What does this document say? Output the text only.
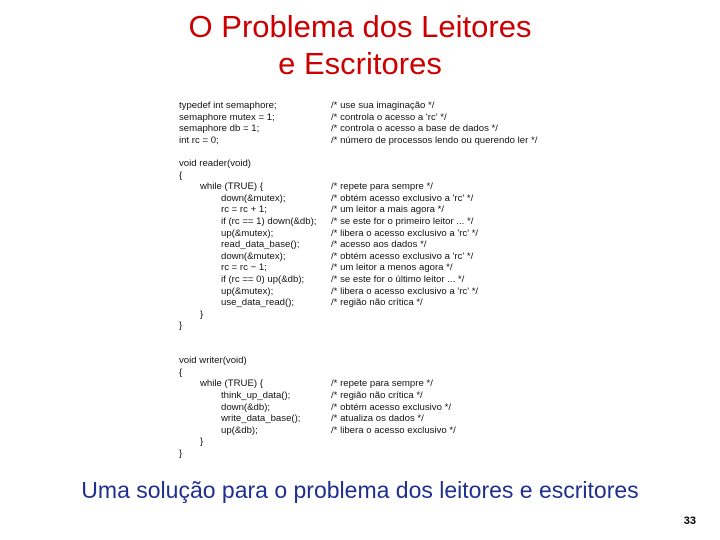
O Problema dos Leitores
e Escritores
typedef int semaphore;	/* use sua imaginação */
semaphore mutex = 1;	/* controla o acesso a 'rc' */
semaphore db = 1;	/* controla o acesso a base de dados */
int rc = 0;	/* número de processos lendo ou querendo ler */
void reader(void)
{
while (TRUE) {	/* repete para sempre */
down(&mutex);	/* obtém acesso exclusivo a 'rc' */
rc = rc + 1;	/* um leitor a mais agora */
if (rc == 1) down(&db); /* se este for o primeiro leitor ... */
up(&mutex);	/* libera o acesso exclusivo a 'rc' */
read_data_base();	/* acesso aos dados */
down(&mutex);	/* obtém acesso exclusivo a 'rc' */
rc = rc − 1;	/* um leitor a menos agora */
if (rc == 0) up(&db);	/* se este for o último leitor ... */
up(&mutex);	/* libera o acesso exclusivo a 'rc' */
use_data_read();	/* região não crítica */
}
}
void writer(void)
{
while (TRUE) {	/* repete para sempre */
think_up_data();	/* região não crítica */
down(&db);	/* obtém acesso exclusivo */
write_data_base();	/* atualiza os dados */
up(&db);	/* libera o acesso exclusivo */
}
}
Uma solução para o problema dos leitores e escritores
33
